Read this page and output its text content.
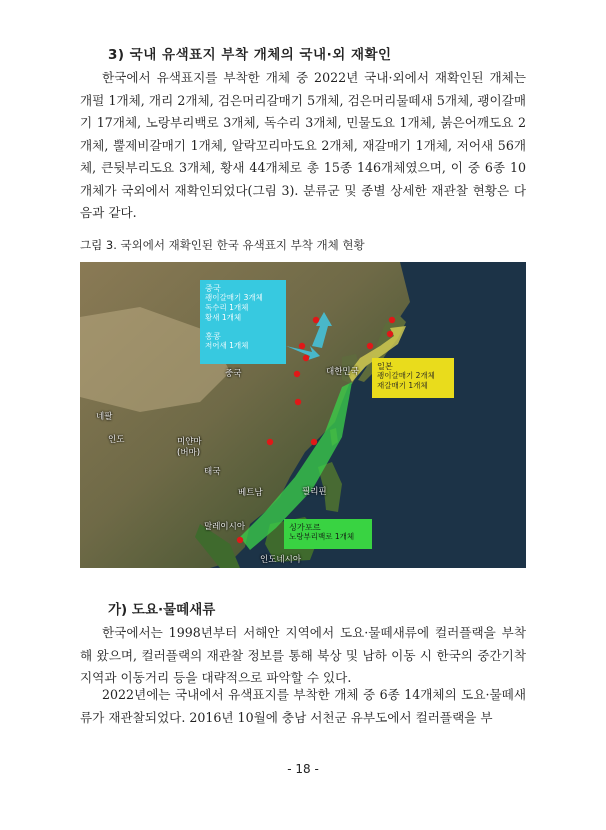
3) 국내 유색표지 부착 개체의 국내·외 재확인

한국에서 유색표지를 부착한 개체 중 2022년 국내·외에서 재확인된 개체는 개펄 1개체, 개리 2개체, 검은머리갈매기 5개체, 검은머리물떼새 5개체, 괭이갈매기 17개체, 노랑부리백로 3개체, 독수리 3개체, 민물도요 1개체, 붉은어깨도요 2개체, 뿔제비갈매기 1개체, 알락꼬리마도요 2개체, 재갈매기 1개체, 저어새 56개체, 큰뒷부리도요 3개체, 황새 44개체로 총 15종 146개체였으며, 이 중 6종 10개체가 국외에서 재확인되었다(그림 3). 분류군 및 종별 상세한 재관찰 현황은 다음과 같다.

그림 3. 국외에서 재확인된 한국 유색표지 부착 개체 현황

중국	대한민국
네팔
인도	미얀마
(버마)
태국
베트남	필리핀
말레이시아
인도네시아
중국
괭이갈매기 3개체
독수리 1개체
황새 1개체
홍콩
저어새 1개체
일본
괭이갈매기 2개체
재갈매기 1개체
싱가포르
노랑부리백로 1개체
가) 도요·물떼새류

한국에서는 1998년부터 서해안 지역에서 도요·물떼새류에 컬러플랙을 부착해 왔으며, 컬러플랙의 재관찰 정보를 통해 북상 및 남하 이동 시 한국의 중간기착 지역과 이동거리 등을 대략적으로 파악할 수 있다.

2022년에는 국내에서 유색표지를 부착한 개체 중 6종 14개체의 도요·물떼새류가 재관찰되었다. 2016년 10월에 충남 서천군 유부도에서 컬러플랙을 부

- 18 -
